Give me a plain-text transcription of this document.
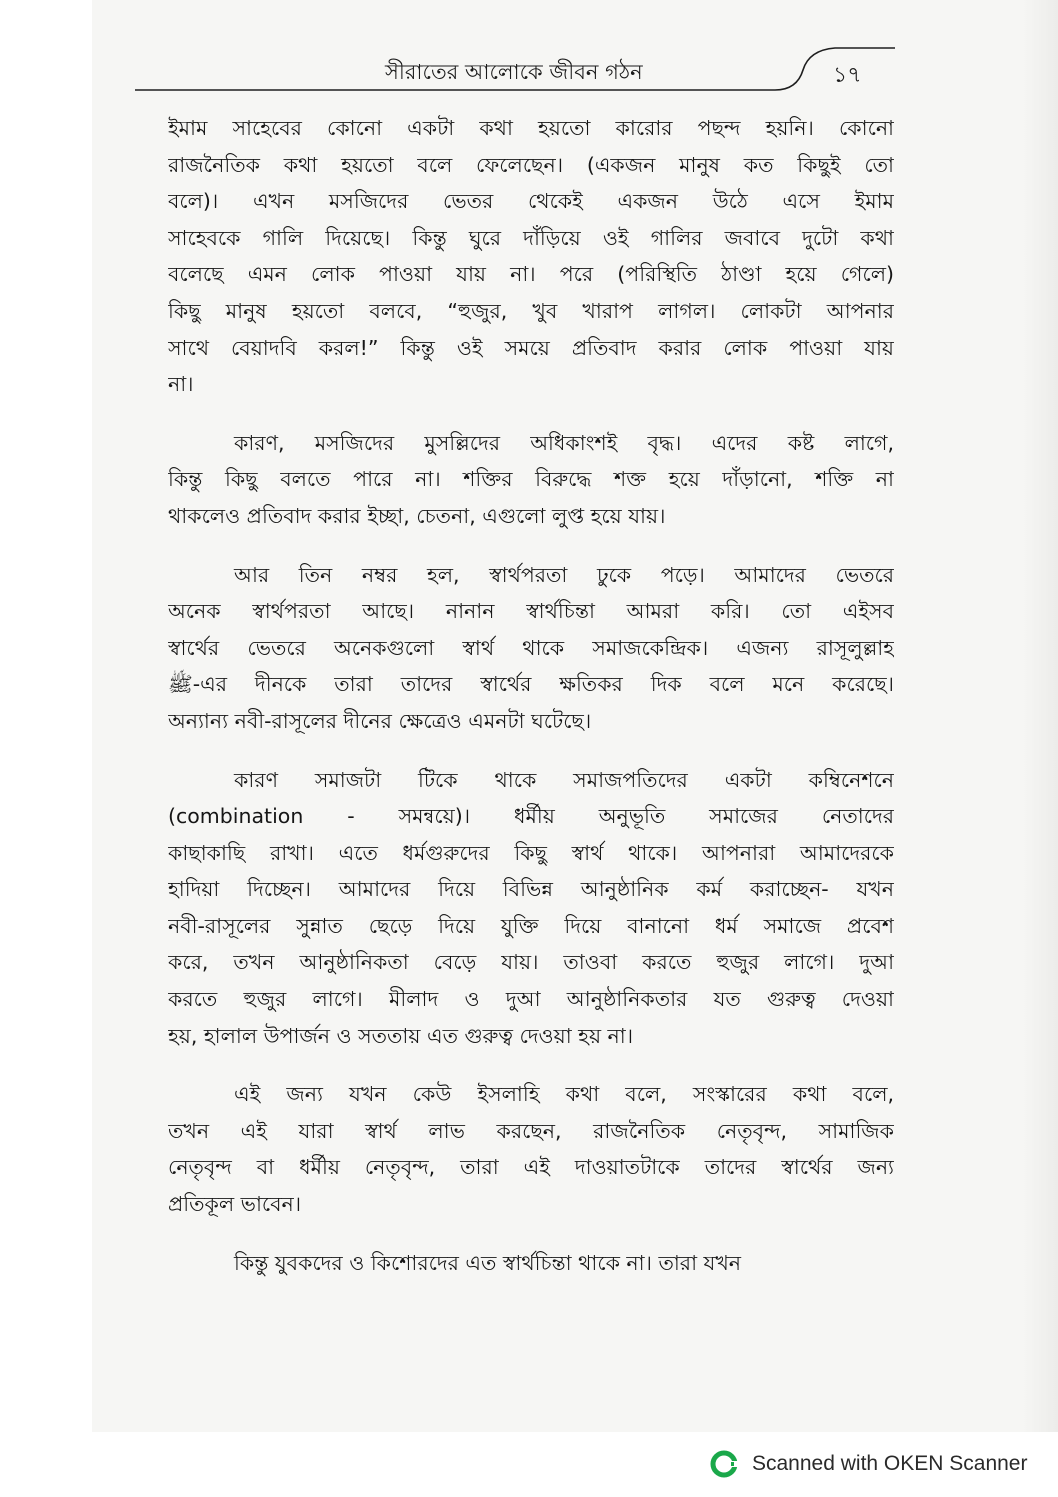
সীরাতের আলোকে জীবন গঠন	১৭
ইমাম সাহেবের কোনো একটা কথা হয়তো কারোর পছন্দ হয়নি। কোনো
রাজনৈতিক কথা হয়তো বলে ফেলেছেন। (একজন মানুষ কত কিছুই তো
বলে)। এখন মসজিদের ভেতর থেকেই একজন উঠে এসে ইমাম
সাহেবকে গালি দিয়েছে। কিন্তু ঘুরে দাঁড়িয়ে ওই গালির জবাবে দুটো কথা
বলেছে এমন লোক পাওয়া যায় না। পরে (পরিস্থিতি ঠাণ্ডা হয়ে গেলে)
কিছু মানুষ হয়তো বলবে, “হুজুর, খুব খারাপ লাগল। লোকটা আপনার
সাথে বেয়াদবি করল!” কিন্তু ওই সময়ে প্রতিবাদ করার লোক পাওয়া যায়
না।
কারণ, মসজিদের মুসল্লিদের অধিকাংশই বৃদ্ধ। এদের কষ্ট লাগে,
কিন্তু কিছু বলতে পারে না। শক্তির বিরুদ্ধে শক্ত হয়ে দাঁড়ানো, শক্তি না
থাকলেও প্রতিবাদ করার ইচ্ছা, চেতনা, এগুলো লুপ্ত হয়ে যায়।
আর তিন নম্বর হল, স্বার্থপরতা ঢুকে পড়ে। আমাদের ভেতরে
অনেক স্বার্থপরতা আছে। নানান স্বার্থচিন্তা আমরা করি। তো এইসব
স্বার্থের ভেতরে অনেকগুলো স্বার্থ থাকে সমাজকেন্দ্রিক। এজন্য রাসূলুল্লাহ
ﷺ-এর দীনকে তারা তাদের স্বার্থের ক্ষতিকর দিক বলে মনে করেছে।
অন্যান্য নবী-রাসূলের দীনের ক্ষেত্রেও এমনটা ঘটেছে।
কারণ সমাজটা টিকে থাকে সমাজপতিদের একটা কম্বিনেশনে
(combination - সমন্বয়ে)। ধর্মীয় অনুভূতি সমাজের নেতাদের
কাছাকাছি রাখা। এতে ধর্মগুরুদের কিছু স্বার্থ থাকে। আপনারা আমাদেরকে
হাদিয়া দিচ্ছেন। আমাদের দিয়ে বিভিন্ন আনুষ্ঠানিক কর্ম করাচ্ছেন- যখন
নবী-রাসূলের সুন্নাত ছেড়ে দিয়ে যুক্তি দিয়ে বানানো ধর্ম সমাজে প্রবেশ
করে, তখন আনুষ্ঠানিকতা বেড়ে যায়। তাওবা করতে হুজুর লাগে। দুআ
করতে হুজুর লাগে। মীলাদ ও দুআ আনুষ্ঠানিকতার যত গুরুত্ব দেওয়া
হয়, হালাল উপার্জন ও সততায় এত গুরুত্ব দেওয়া হয় না।
এই জন্য যখন কেউ ইসলাহি কথা বলে, সংস্কারের কথা বলে,
তখন এই যারা স্বার্থ লাভ করছেন, রাজনৈতিক নেতৃবৃন্দ, সামাজিক
নেতৃবৃন্দ বা ধর্মীয় নেতৃবৃন্দ, তারা এই দাওয়াতটাকে তাদের স্বার্থের জন্য
প্রতিকূল ভাবেন।
কিন্তু যুবকদের ও কিশোরদের এত স্বার্থচিন্তা থাকে না। তারা যখন
Scanned with OKEN Scanner
